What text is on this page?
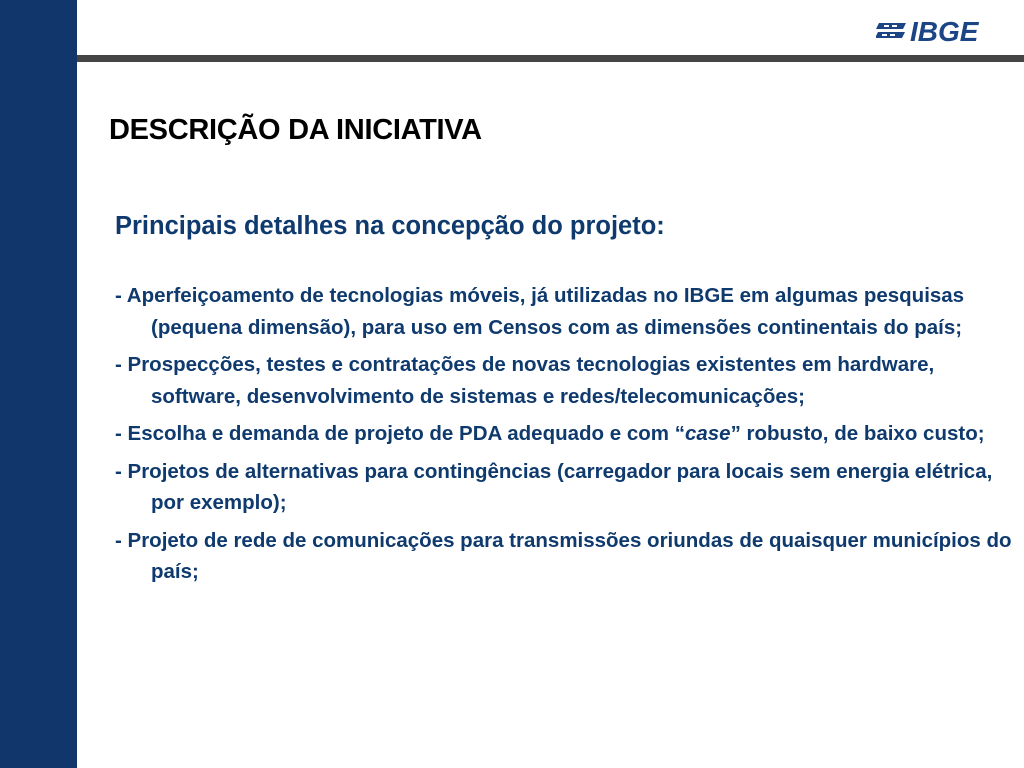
IBGE
DESCRIÇÃO DA INICIATIVA
Principais detalhes na concepção do projeto:
- Aperfeiçoamento de tecnologias móveis, já utilizadas no IBGE em algumas pesquisas (pequena dimensão), para uso em Censos com as dimensões continentais do país;
- Prospecções, testes e contratações de novas tecnologias existentes em hardware, software, desenvolvimento de sistemas e redes/telecomunicações;
- Escolha e demanda de projeto de PDA adequado e com “case” robusto, de baixo custo;
- Projetos de alternativas para contingências (carregador para locais sem energia elétrica, por exemplo);
- Projeto de rede de comunicações para transmissões oriundas de quaisquer municípios do país;
